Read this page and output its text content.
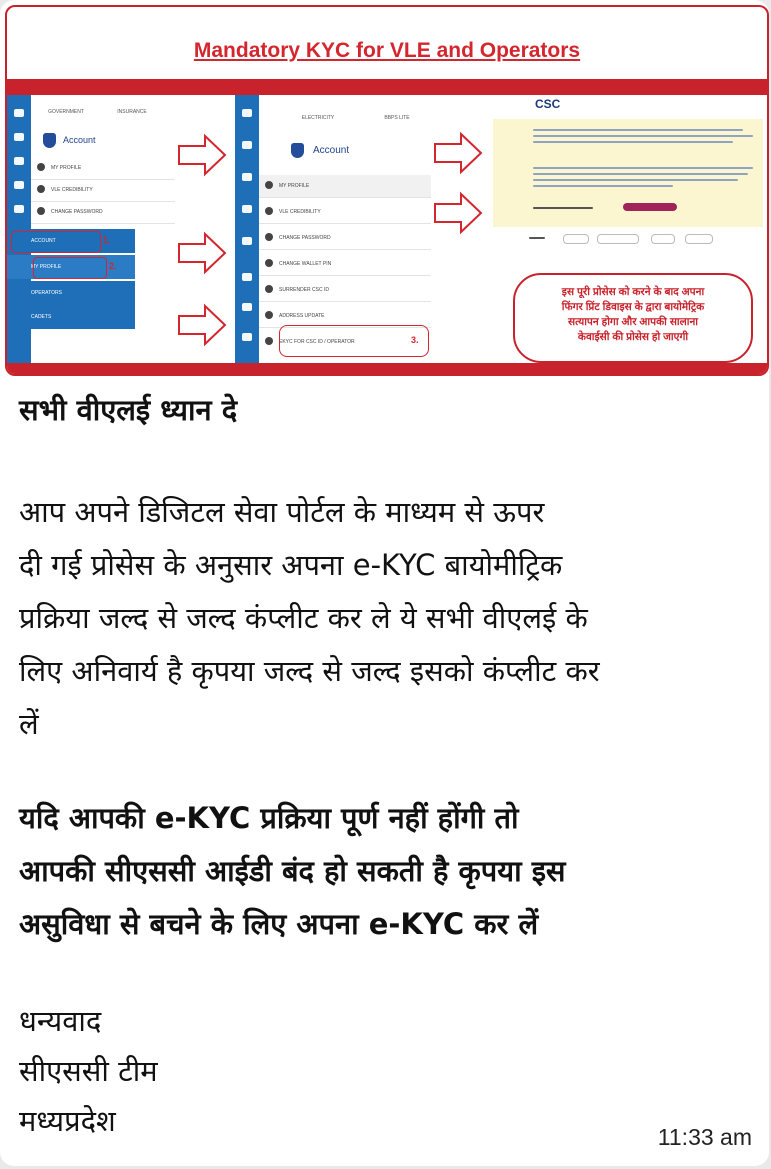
Mandatory KYC for VLE and Operators
GOVERNMENT	INSURANCE
Account
MY PROFILE
VLE CREDIBILITY
CHANGE PASSWORD
ACCOUNT
MY PROFILE
OPERATORS
CADETS
1.
2.
ELECTRICITY	BBPS LITE
Account
MY PROFILE
VLE CREDIBILITY
CHANGE PASSWORD
CHANGE WALLET PIN
SURRENDER CSC ID
ADDRESS UPDATE
EKYC FOR CSC ID / OPERATOR	3.
CSC
इस पूरी प्रोसेस को करने के बाद अपना
फिंगर प्रिंट डिवाइस के द्वारा बायोमेट्रिक
सत्यापन होगा और आपकी सालाना
केवाईसी की प्रोसेस हो जाएगी
सभी वीएलई ध्यान दे
आप अपने डिजिटल सेवा पोर्टल के माध्यम से ऊपर
दी गई प्रोसेस के अनुसार अपना e-KYC बायोमीट्रिक
प्रक्रिया जल्द से जल्द कंप्लीट कर ले ये सभी वीएलई के
लिए अनिवार्य है कृपया जल्द से जल्द इसको कंप्लीट कर
लें
यदि आपकी e-KYC प्रक्रिया पूर्ण नहीं होंगी तो
आपकी सीएससी आईडी बंद हो सकती है कृपया इस
असुविधा से बचने के लिए अपना e-KYC कर लें
धन्यवाद
सीएससी टीम
मध्यप्रदेश	11:33 am
